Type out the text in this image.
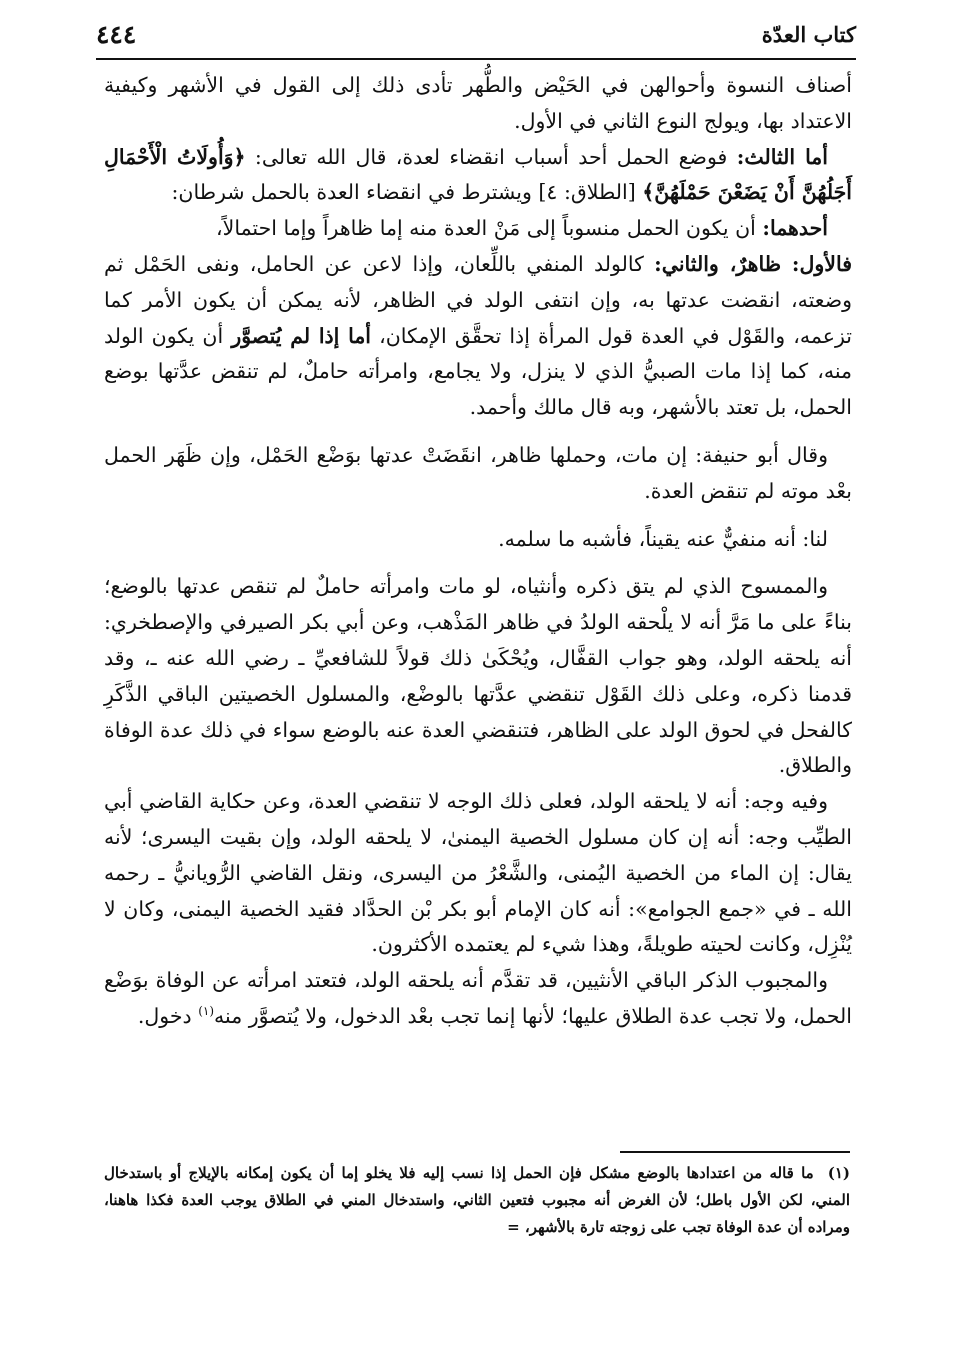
كتاب العدّة
٤٤٤

أصناف النسوة وأحوالهن في الحَيْض والطُّهر تأدى ذلك إلى القول في الأشهر وكيفية الاعتداد بها، ويولج النوع الثاني في الأول.

أما الثالث: فوضع الحمل أحد أسباب انقضاء لعدة، قال الله تعالى: ﴿وَأُولَاتُ الْأَحْمَالِ أَجَلُهُنَّ أَنْ يَضَعْنَ حَمْلَهُنَّ﴾ [الطلاق: ٤] ويشترط في انقضاء العدة بالحمل شرطان:

أحدهما: أن يكون الحمل منسوباً إلى مَنْ العدة منه إما ظاهراً وإما احتمالاً،

فالأول: ظاهرٌ، والثاني: كالولد المنفي باللِّعان، وإذا لاعن عن الحامل، ونفى الحَمْل ثم وضعته، انقضت عدتها به، وإن انتفى الولد في الظاهر، لأنه يمكن أن يكون الأمر كما تزعمه، والقَوْل في العدة قول المرأة إذا تحقَّق الإمكان، أما إذا لم يُتصوَّر أن يكون الولد منه، كما إذا مات الصبيُّ الذي لا ينزل، ولا يجامع، وامرأته حاملٌ، لم تنقض عدَّتها بوضع الحمل، بل تعتد بالأشهر، وبه قال مالك وأحمد.

وقال أبو حنيفة: إن مات، وحملها ظاهر، انقَضَتْ عدتها بوَضْع الحَمْل، وإن ظَهَر الحمل بعْد موته لم تنقض العدة.

لنا: أنه منفيٌّ عنه يقيناً، فأشبه ما سلمه.

والممسوح الذي لم يتق ذكره وأنثياه، لو مات وامرأته حاملٌ لم تنقص عدتها بالوضع؛ بناءً على ما مَرَّ أنه لا يلْحقه الولدُ في ظاهر المَذْهب، وعن أبي بكر الصيرفي والإصطخري: أنه يلحقه الولد، وهو جواب القفَّال، ويُحْكَىٰ ذلك قولاً للشافعيِّ ـ رضي الله عنه ـ، وقد قدمنا ذكره، وعلى ذلك القَوْل تنقضي عدَّتها بالوضْع، والمسلول الخصيتين الباقي الذَّكَرِ كالفحل في لحوق الولد على الظاهر، فتنقضي العدة عنه بالوضع سواء في ذلك عدة الوفاة والطلاق.

وفيه وجه: أنه لا يلحقه الولد، فعلى ذلك الوجه لا تنقضي العدة، وعن حكاية القاضي أبي الطيِّب وجه: أنه إن كان مسلول الخصية اليمنىٰ، لا يلحقه الولد، وإن بقيت اليسرى؛ لأنه يقال: إن الماء من الخصية اليُمنى، والشَّعْرُ من اليسرى، ونقل القاضي الرُّويانيُّ ـ رحمه الله ـ في «جمع الجوامع»: أنه كان الإمام أبو بكر بْن الحدَّاد فقيد الخصية اليمنى، وكان لا يُنْزِل، وكانت لحيته طويلةً، وهذا شيء لم يعتمده الأكثرون.

والمجبوب الذكر الباقي الأنثيين، قد تقدَّم أنه يلحقه الولد، فتعتد امرأته عن الوفاة بوَضْع الحمل، ولا تجب عدة الطلاق عليها؛ لأنها إنما تجب بعْد الدخول، ولا يُتصوَّر منه$^{(١)}$ دخول.

(١)ما قاله من اعتدادها بالوضع مشكل فإن الحمل إذا نسب إليه فلا يخلو إما أن يكون إمكانه بالإيلاج أو باستدخال المني، لكن الأول باطل؛ لأن الغرض أنه مجبوب فتعين الثاني، واستدخال المني في الطلاق يوجب العدة فكذا هاهنا، ومراده أن عدة الوفاة تجب على زوجته تارة بالأشهر، =
